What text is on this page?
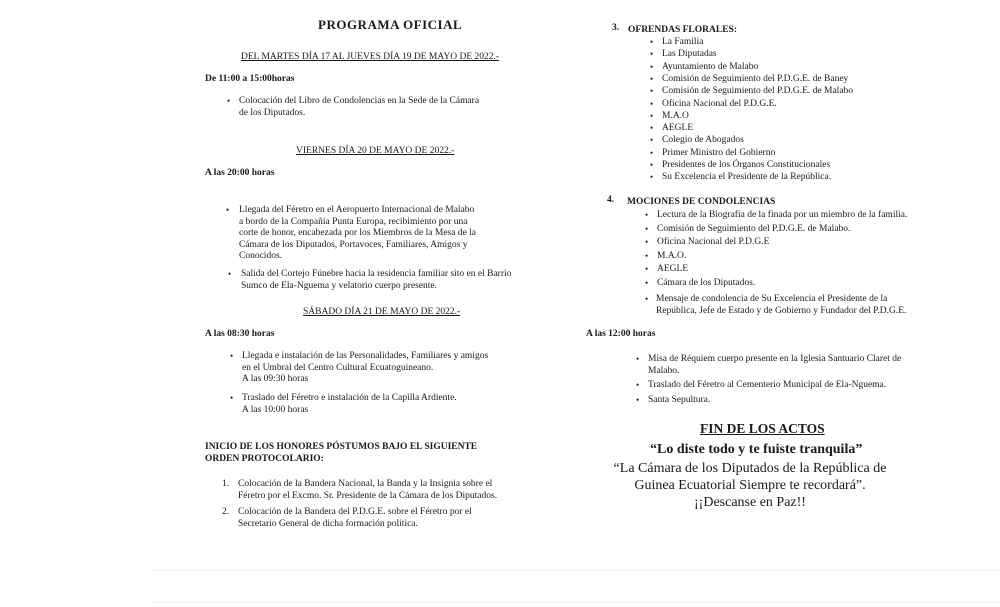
PROGRAMA OFICIAL
DEL MARTES DÍA 17 AL JUEVES DÍA 19 DE MAYO DE 2022.-
De 11:00 a 15:00horas
• Colocación del Libro de Condolencias en la Sede de la Cámara
de los Diputados.
VIERNES DÍA 20 DE MAYO DE 2022.-
A las 20:00 horas
• Llegada del Féretro en el Aeropuerto Internacional de Malabo
a bordo de la Compañía Punta Europa, recibimiento por una
corte de honor, encabezada por los Miembros de la Mesa de la
Cámara de los Diputados, Portavoces, Familiares, Amigos y
Conocidos.
• Salida del Cortejo Fúnebre hacia la residencia familiar sito en el Barrio
Sumco de Ela-Nguema y velatorio cuerpo presente.
SÁBADO DÍA 21 DE MAYO DE 2022.-
A las 08:30 horas
• Llegada e instalación de las Personalidades, Familiares y amigos
en el Umbral del Centro Cultural Ecuatoguineano.
A las 09:30 horas
• Traslado del Féretro e instalación de la Capilla Ardiente.
A las 10:00 horas
INICIO DE LOS HONORES PÓSTUMOS BAJO EL SIGUIENTE
ORDEN PROTOCOLARIO:
1. Colocación de la Bandera Nacional, la Banda y la Insignia sobre el
Féretro por el Excmo. Sr. Presidente de la Cámara de los Diputados.
2. Colocación de la Bandera del P.D.G.E. sobre el Féretro por el
Secretario General de dicha formación política.
3. OFRENDAS FLORALES:
• La Familia
• Las Diputadas
• Ayuntamiento de Malabo
• Comisión de Seguimiento del P.D.G.E. de Baney
• Comisión de Seguimiento del P.D.G.E. de Malabo
• Oficina Nacional del P.D.G.E.
• M.A.O
• AEGLE
• Colegio de Abogados
• Primer Ministro del Gobierno
• Presidentes de los Órganos Constitucionales
• Su Excelencia el Presidente de la República.
4. MOCIONES DE CONDOLENCIAS
• Lectura de la Biografía de la finada por un miembro de la familia.
• Comisión de Seguimiento del P.D.G.E. de Malabo.
• Oficina Nacional del P.D.G.E
• M.A.O.
• AEGLE
• Cámara de los Diputados.
• Mensaje de condolencia de Su Excelencia el Presidente de la
República, Jefe de Estado y de Gobierno y Fundador del P.D.G.E.
A las 12:00 horas
• Misa de Réquiem cuerpo presente en la Iglesia Santuario Claret de
Malabo.
• Traslado del Féretro al Cementerio Municipal de Ela-Nguema.
• Santa Sepultura.
FIN DE LOS ACTOS
“Lo diste todo y te fuiste tranquila”
“La Cámara de los Diputados de la República de
Guinea Ecuatorial Siempre te recordará”.
¡¡Descanse en Paz!!
